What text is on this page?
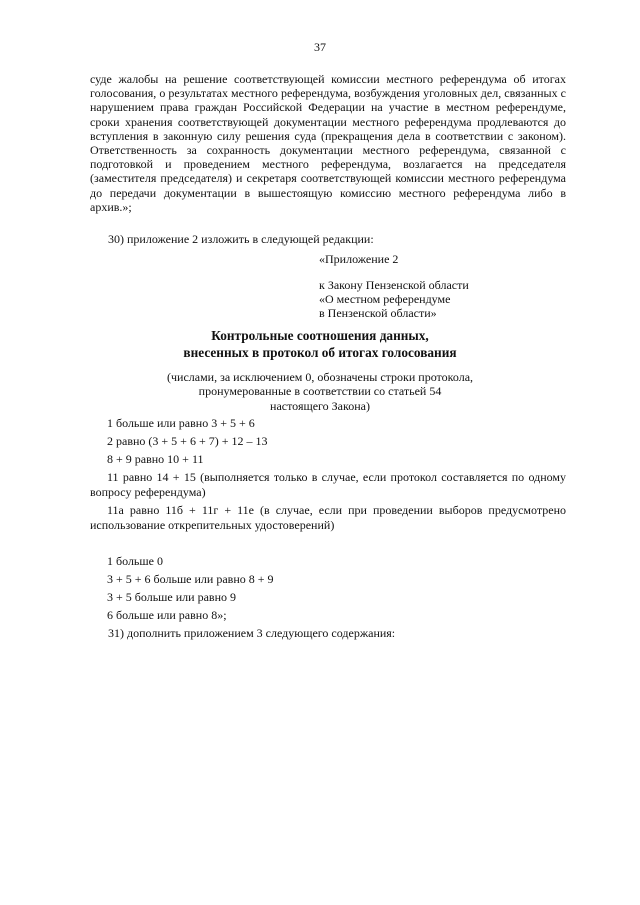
37

суде жалобы на решение соответствующей комиссии местного референдума об итогах голосования, о результатах местного референдума, возбуждения уголовных дел, связанных с нарушением права граждан Российской Федерации на участие в местном референдуме, сроки хранения соответствующей документации местного референдума продлеваются до вступления в законную силу решения суда (прекращения дела в соответствии с законом). Ответственность за сохранность документации местного референдума, связанной с подготовкой и проведением местного референдума, возлагается на председателя (заместителя председателя) и секретаря соответствующей комиссии местного референдума до передачи документации в вышестоящую комиссию местного референдума либо в архив.»;

30) приложение 2 изложить в следующей редакции:

«Приложение 2
к Закону Пензенской области
«О местном референдуме
в Пензенской области»
Контрольные соотношения данных,
внесенных в протокол об итогах голосования
(числами, за исключением 0, обозначены строки протокола,
пронумерованные в соответствии со статьей 54
настоящего Закона)
1 больше или равно 3 + 5 + 6
2 равно (3 + 5 + 6 + 7) + 12 – 13
8 + 9 равно 10 + 11
11 равно 14 + 15 (выполняется только в случае, если протокол составляется по одному вопросу референдума)
11а равно 11б + 11г + 11е (в случае, если при проведении выборов предусмотрено использование открепительных удостоверений)
1 больше 0
3 + 5 + 6 больше или равно 8 + 9
3 + 5 больше или равно 9
6 больше или равно 8»;

31) дополнить приложением 3 следующего содержания:
